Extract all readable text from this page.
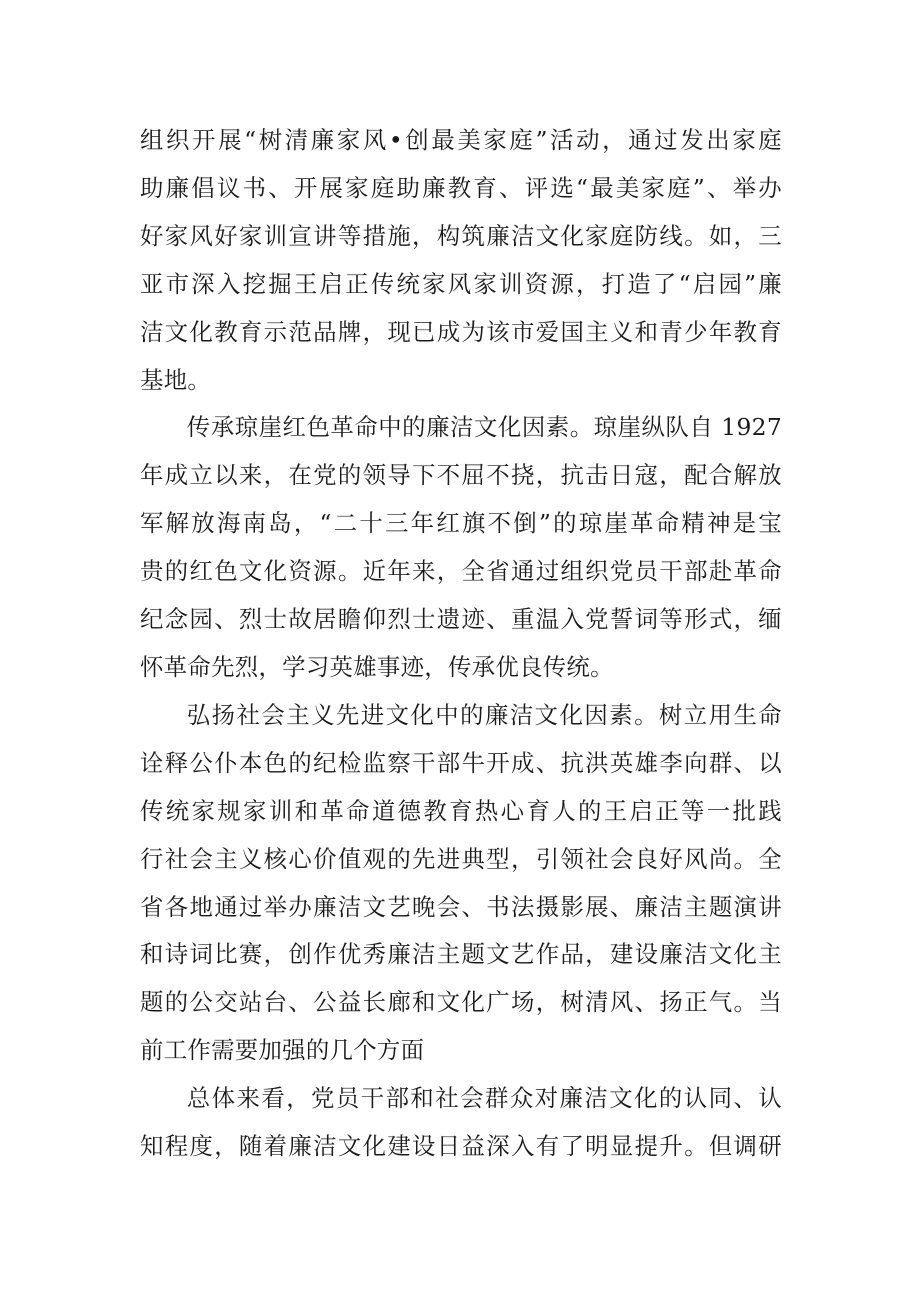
组织开展“树清廉家风•创最美家庭”活动，通过发出家庭
助廉倡议书、开展家庭助廉教育、评选“最美家庭”、举办
好家风好家训宣讲等措施，构筑廉洁文化家庭防线。如，三
亚市深入挖掘王启正传统家风家训资源，打造了“启园”廉
洁文化教育示范品牌，现已成为该市爱国主义和青少年教育
基地。

传承琼崖红色革命中的廉洁文化因素。琼崖纵队自 1927
年成立以来，在党的领导下不屈不挠，抗击日寇，配合解放
军解放海南岛，“二十三年红旗不倒”的琼崖革命精神是宝
贵的红色文化资源。近年来，全省通过组织党员干部赴革命
纪念园、烈士故居瞻仰烈士遗迹、重温入党誓词等形式，缅
怀革命先烈，学习英雄事迹，传承优良传统。

弘扬社会主义先进文化中的廉洁文化因素。树立用生命
诠释公仆本色的纪检监察干部牛开成、抗洪英雄李向群、以
传统家规家训和革命道德教育热心育人的王启正等一批践
行社会主义核心价值观的先进典型，引领社会良好风尚。全
省各地通过举办廉洁文艺晚会、书法摄影展、廉洁主题演讲
和诗词比赛，创作优秀廉洁主题文艺作品，建设廉洁文化主
题的公交站台、公益长廊和文化广场，树清风、扬正气。当
前工作需要加强的几个方面

总体来看，党员干部和社会群众对廉洁文化的认同、认
知程度，随着廉洁文化建设日益深入有了明显提升。但调研
